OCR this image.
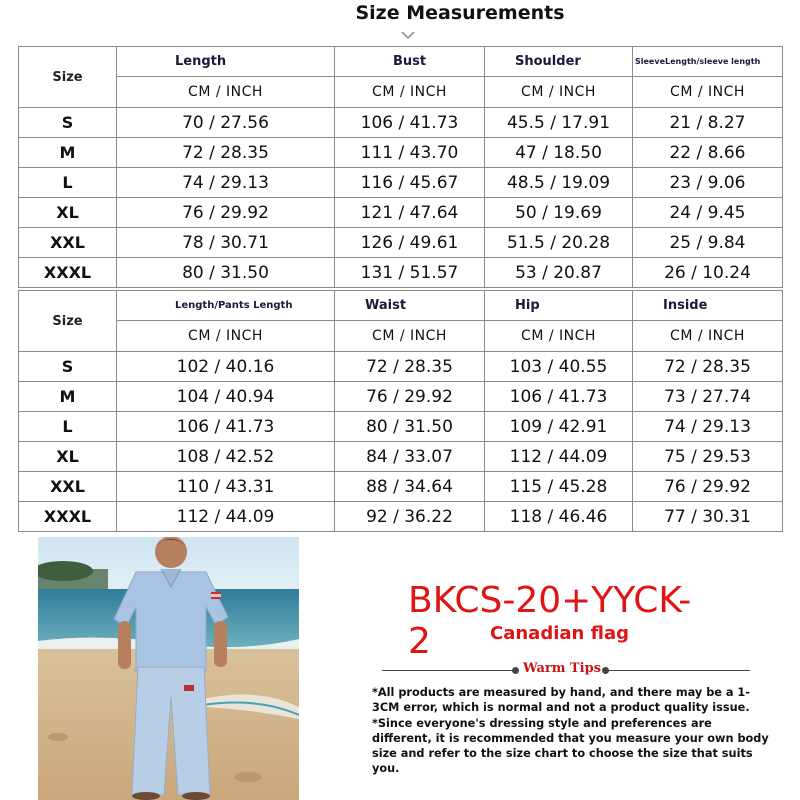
Size Measurements
Size	Length	Bust	Shoulder	SleeveLength/sleeve length
	CM / INCH	CM / INCH	CM / INCH	CM / INCH
S	70 / 27.56	106 / 41.73	45.5 / 17.91	21 / 8.27
M	72 / 28.35	111 / 43.70	47 / 18.50	22 / 8.66
L	74 / 29.13	116 / 45.67	48.5 / 19.09	23 / 9.06
XL	76 / 29.92	121 / 47.64	50 / 19.69	24 / 9.45
XXL	78 / 30.71	126 / 49.61	51.5 / 20.28	25 / 9.84
XXXL	80 / 31.50	131 / 51.57	53 / 20.87	26 / 10.24
Size	Length/Pants Length	Waist	Hip	Inside
	CM / INCH	CM / INCH	CM / INCH	CM / INCH
S	102 / 40.16	72 / 28.35	103 / 40.55	72 / 28.35
M	104 / 40.94	76 / 29.92	106 / 41.73	73 / 27.74
L	106 / 41.73	80 / 31.50	109 / 42.91	74 / 29.13
XL	108 / 42.52	84 / 33.07	112 / 44.09	75 / 29.53
XXL	110 / 43.31	88 / 34.64	115 / 45.28	76 / 29.92
XXXL	112 / 44.09	92 / 36.22	118 / 46.46	77 / 30.31
BKCS-20+YYCK-2	Canadian flag
Warm Tips
*All products are measured by hand, and there may be a 1-3CM error, which is normal and not a product quality issue. *Since everyone's dressing style and preferences are different, it is recommended that you measure your own body size and refer to the size chart to choose the size that suits you.
